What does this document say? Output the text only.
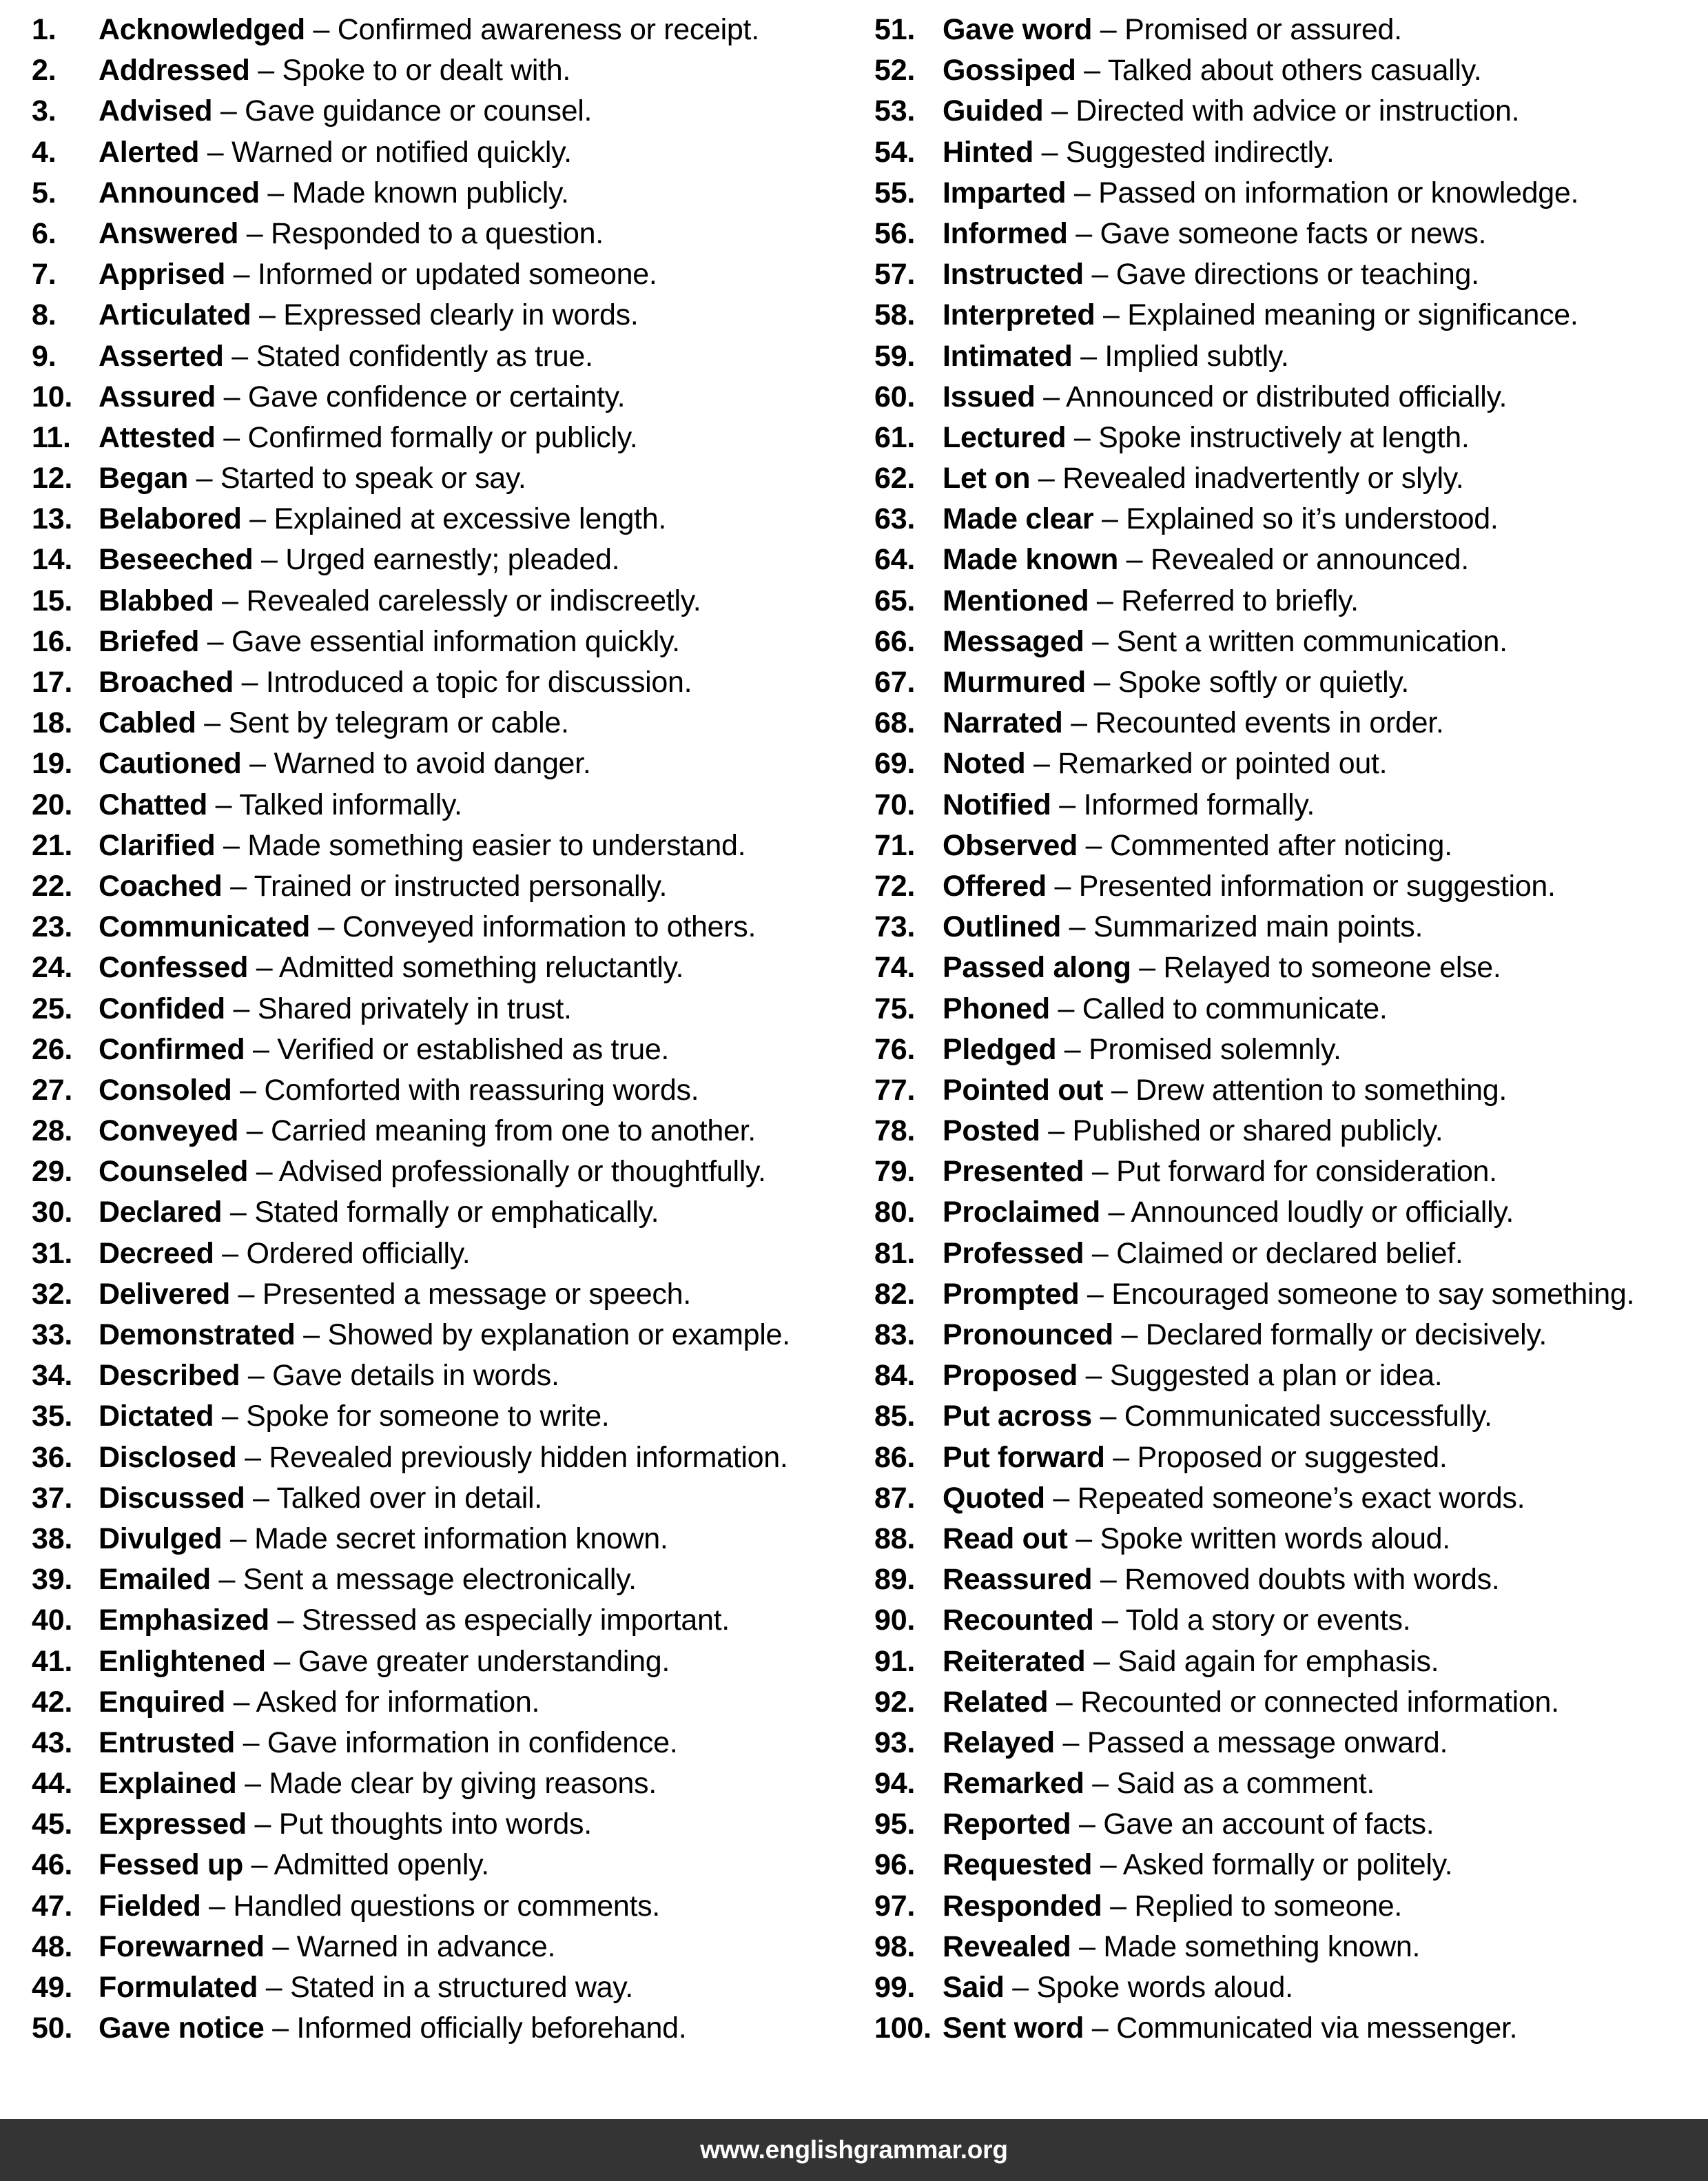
1.	Acknowledged – Confirmed awareness or receipt.
2.	Addressed – Spoke to or dealt with.
3.	Advised – Gave guidance or counsel.
4.	Alerted – Warned or notified quickly.
5.	Announced – Made known publicly.
6.	Answered – Responded to a question.
7.	Apprised – Informed or updated someone.
8.	Articulated – Expressed clearly in words.
9.	Asserted – Stated confidently as true.
10. Assured – Gave confidence or certainty.
11. Attested – Confirmed formally or publicly.
12. Began – Started to speak or say.
13. Belabored – Explained at excessive length.
14. Beseeched – Urged earnestly; pleaded.
15. Blabbed – Revealed carelessly or indiscreetly.
16. Briefed – Gave essential information quickly.
17. Broached – Introduced a topic for discussion.
18. Cabled – Sent by telegram or cable.
19. Cautioned – Warned to avoid danger.
20. Chatted – Talked informally.
21. Clarified – Made something easier to understand.
22. Coached – Trained or instructed personally.
23. Communicated – Conveyed information to others.
24. Confessed – Admitted something reluctantly.
25. Confided – Shared privately in trust.
26. Confirmed – Verified or established as true.
27. Consoled – Comforted with reassuring words.
28. Conveyed – Carried meaning from one to another.
29. Counseled – Advised professionally or thoughtfully.
30. Declared – Stated formally or emphatically.
31. Decreed – Ordered officially.
32. Delivered – Presented a message or speech.
33. Demonstrated – Showed by explanation or example.
34. Described – Gave details in words.
35. Dictated – Spoke for someone to write.
36. Disclosed – Revealed previously hidden information.
37. Discussed – Talked over in detail.
38. Divulged – Made secret information known.
39. Emailed – Sent a message electronically.
40. Emphasized – Stressed as especially important.
41. Enlightened – Gave greater understanding.
42. Enquired – Asked for information.
43. Entrusted – Gave information in confidence.
44. Explained – Made clear by giving reasons.
45. Expressed – Put thoughts into words.
46. Fessed up – Admitted openly.
47. Fielded – Handled questions or comments.
48. Forewarned – Warned in advance.
49. Formulated – Stated in a structured way.
50. Gave notice – Informed officially beforehand.
51. Gave word – Promised or assured.
52. Gossiped – Talked about others casually.
53. Guided – Directed with advice or instruction.
54. Hinted – Suggested indirectly.
55. Imparted – Passed on information or knowledge.
56. Informed – Gave someone facts or news.
57. Instructed – Gave directions or teaching.
58. Interpreted – Explained meaning or significance.
59. Intimated – Implied subtly.
60. Issued – Announced or distributed officially.
61. Lectured – Spoke instructively at length.
62. Let on – Revealed inadvertently or slyly.
63. Made clear – Explained so it’s understood.
64. Made known – Revealed or announced.
65. Mentioned – Referred to briefly.
66. Messaged – Sent a written communication.
67. Murmured – Spoke softly or quietly.
68. Narrated – Recounted events in order.
69. Noted – Remarked or pointed out.
70. Notified – Informed formally.
71. Observed – Commented after noticing.
72. Offered – Presented information or suggestion.
73. Outlined – Summarized main points.
74. Passed along – Relayed to someone else.
75. Phoned – Called to communicate.
76. Pledged – Promised solemnly.
77. Pointed out – Drew attention to something.
78. Posted – Published or shared publicly.
79. Presented – Put forward for consideration.
80. Proclaimed – Announced loudly or officially.
81. Professed – Claimed or declared belief.
82. Prompted – Encouraged someone to say something.
83. Pronounced – Declared formally or decisively.
84. Proposed – Suggested a plan or idea.
85. Put across – Communicated successfully.
86. Put forward – Proposed or suggested.
87. Quoted – Repeated someone’s exact words.
88. Read out – Spoke written words aloud.
89. Reassured – Removed doubts with words.
90. Recounted – Told a story or events.
91. Reiterated – Said again for emphasis.
92. Related – Recounted or connected information.
93. Relayed – Passed a message onward.
94. Remarked – Said as a comment.
95. Reported – Gave an account of facts.
96. Requested – Asked formally or politely.
97. Responded – Replied to someone.
98. Revealed – Made something known.
99. Said – Spoke words aloud.
100. Sent word – Communicated via messenger.
www.englishgrammar.org
